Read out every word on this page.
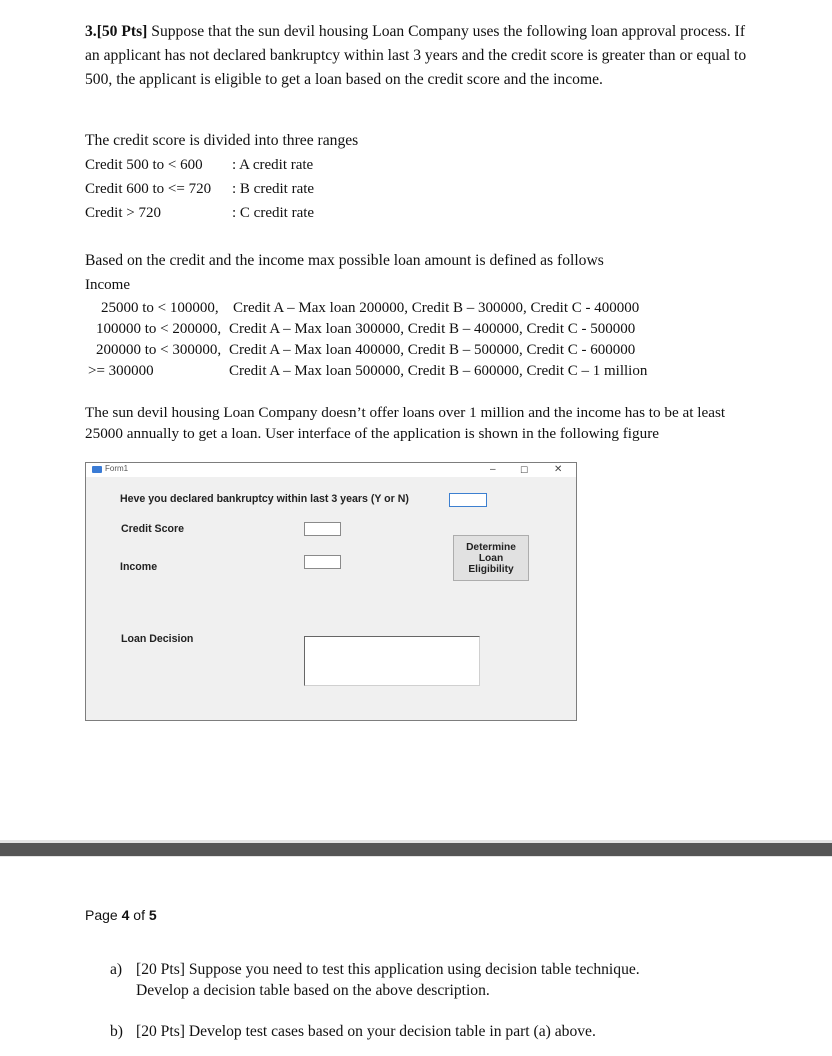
3.[50 Pts] Suppose that the sun devil housing Loan Company uses the following loan approval process. If an applicant has not declared bankruptcy within last 3 years and the credit score is greater than or equal to 500, the applicant is eligible to get a loan based on the credit score and the income.
The credit score is divided into three ranges
Credit 500 to < 600 : A credit rate
Credit 600 to <= 720 : B credit rate
Credit > 720	: C credit rate
Based on the credit and the income max possible loan amount is defined as follows
Income
25000 to < 100000, Credit A – Max loan 200000, Credit B – 300000, Credit C - 400000
100000 to < 200000, Credit A – Max loan 300000, Credit B – 400000, Credit C - 500000
200000 to < 300000, Credit A – Max loan 400000, Credit B – 500000, Credit C - 600000
>= 300000	Credit A – Max loan 500000, Credit B – 600000, Credit C – 1 million
The sun devil housing Loan Company doesn’t offer loans over 1 million and the income has to be at least 25000 annually to get a loan. User interface of the application is shown in the following figure
Form1	–	☐	✕
Heve you declared bankruptcy within last 3 years (Y or N)
Credit Score
Income
Determine
Loan
Eligibility
Loan Decision
Page 4 of 5
a) [20 Pts] Suppose you need to test this application using decision table technique.
Develop a decision table based on the above description.
b) [20 Pts] Develop test cases based on your decision table in part (a) above.
